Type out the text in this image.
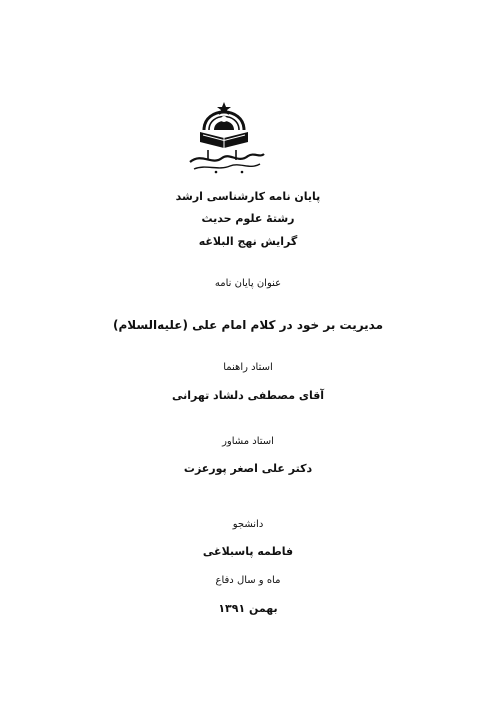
پایان نامه کارشناسی ارشد
رشتهٔ علوم حدیث
گرایش نهج البلاغه
عنوان پایان نامه
مدیریت بر خود در کلام امام علی (علیه‌السلام)
استاد راهنما
آقای مصطفی دلشاد تهرانی
استاد مشاور
دکتر علی اصغر پورعزت
دانشجو
فاطمه پاسبلاغی
ماه و سال دفاع
بهمن ۱۳۹۱
